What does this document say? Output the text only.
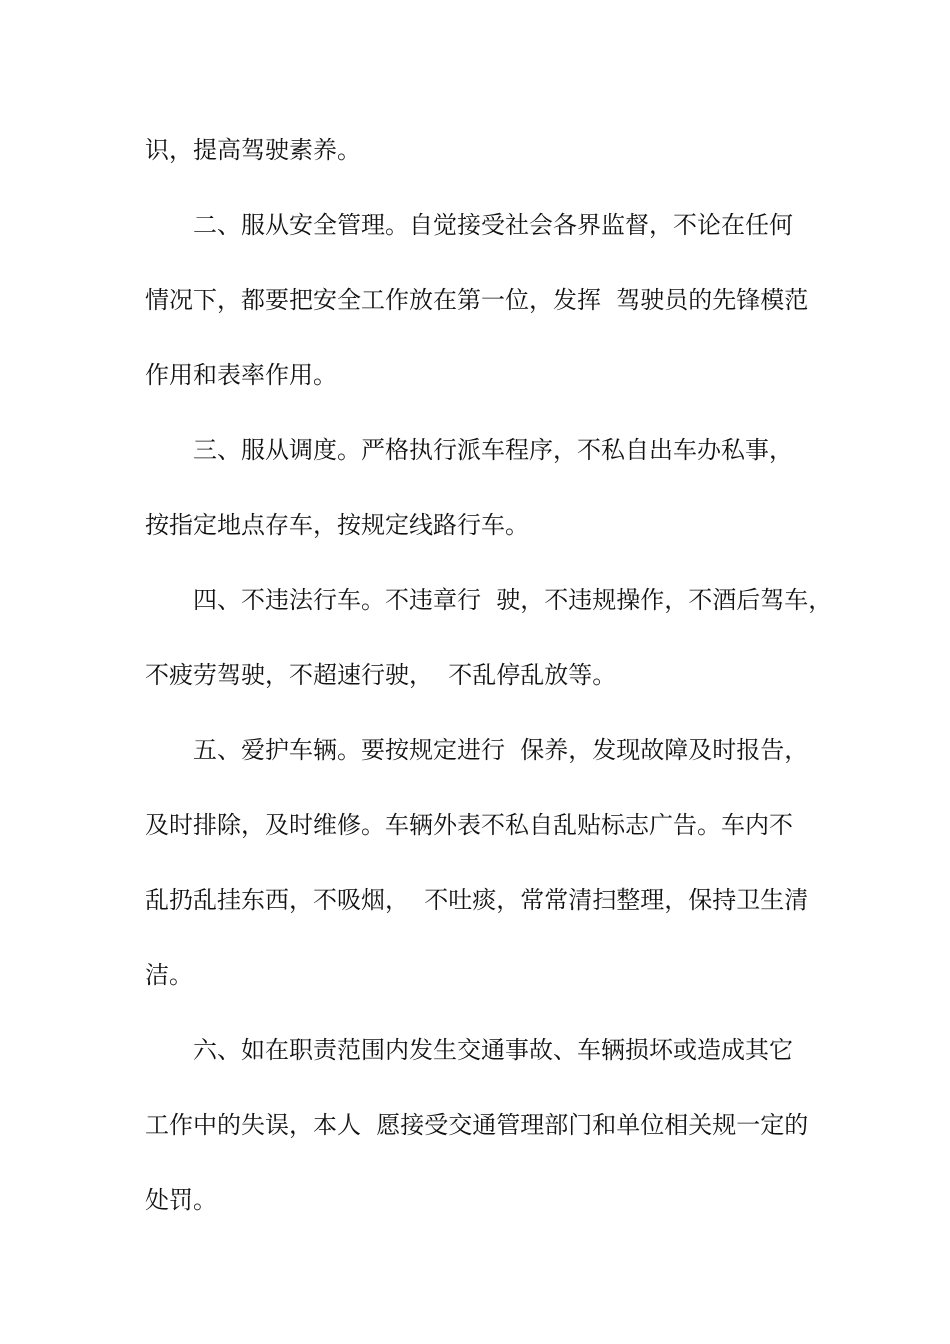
识，提高驾驶素养。

二、服从安全管理。自觉接受社会各界监督，不论在任何

情况下，都要把安全工作放在第一位，发挥  驾驶员的先锋模范

作用和表率作用。

三、服从调度。严格执行派车程序，不私自出车办私事，

按指定地点存车，按规定线路行车。

四、不违法行车。不违章行  驶，不违规操作，不酒后驾车，

不疲劳驾驶，不超速行驶，  不乱停乱放等。

五、爱护车辆。要按规定进行  保养，发现故障及时报告，

及时排除，及时维修。车辆外表不私自乱贴标志广告。车内不

乱扔乱挂东西，不吸烟，  不吐痰，常常清扫整理，保持卫生清

洁。

六、如在职责范围内发生交通事故、车辆损坏或造成其它

工作中的失误，本人  愿接受交通管理部门和单位相关规一定的

处罚。
